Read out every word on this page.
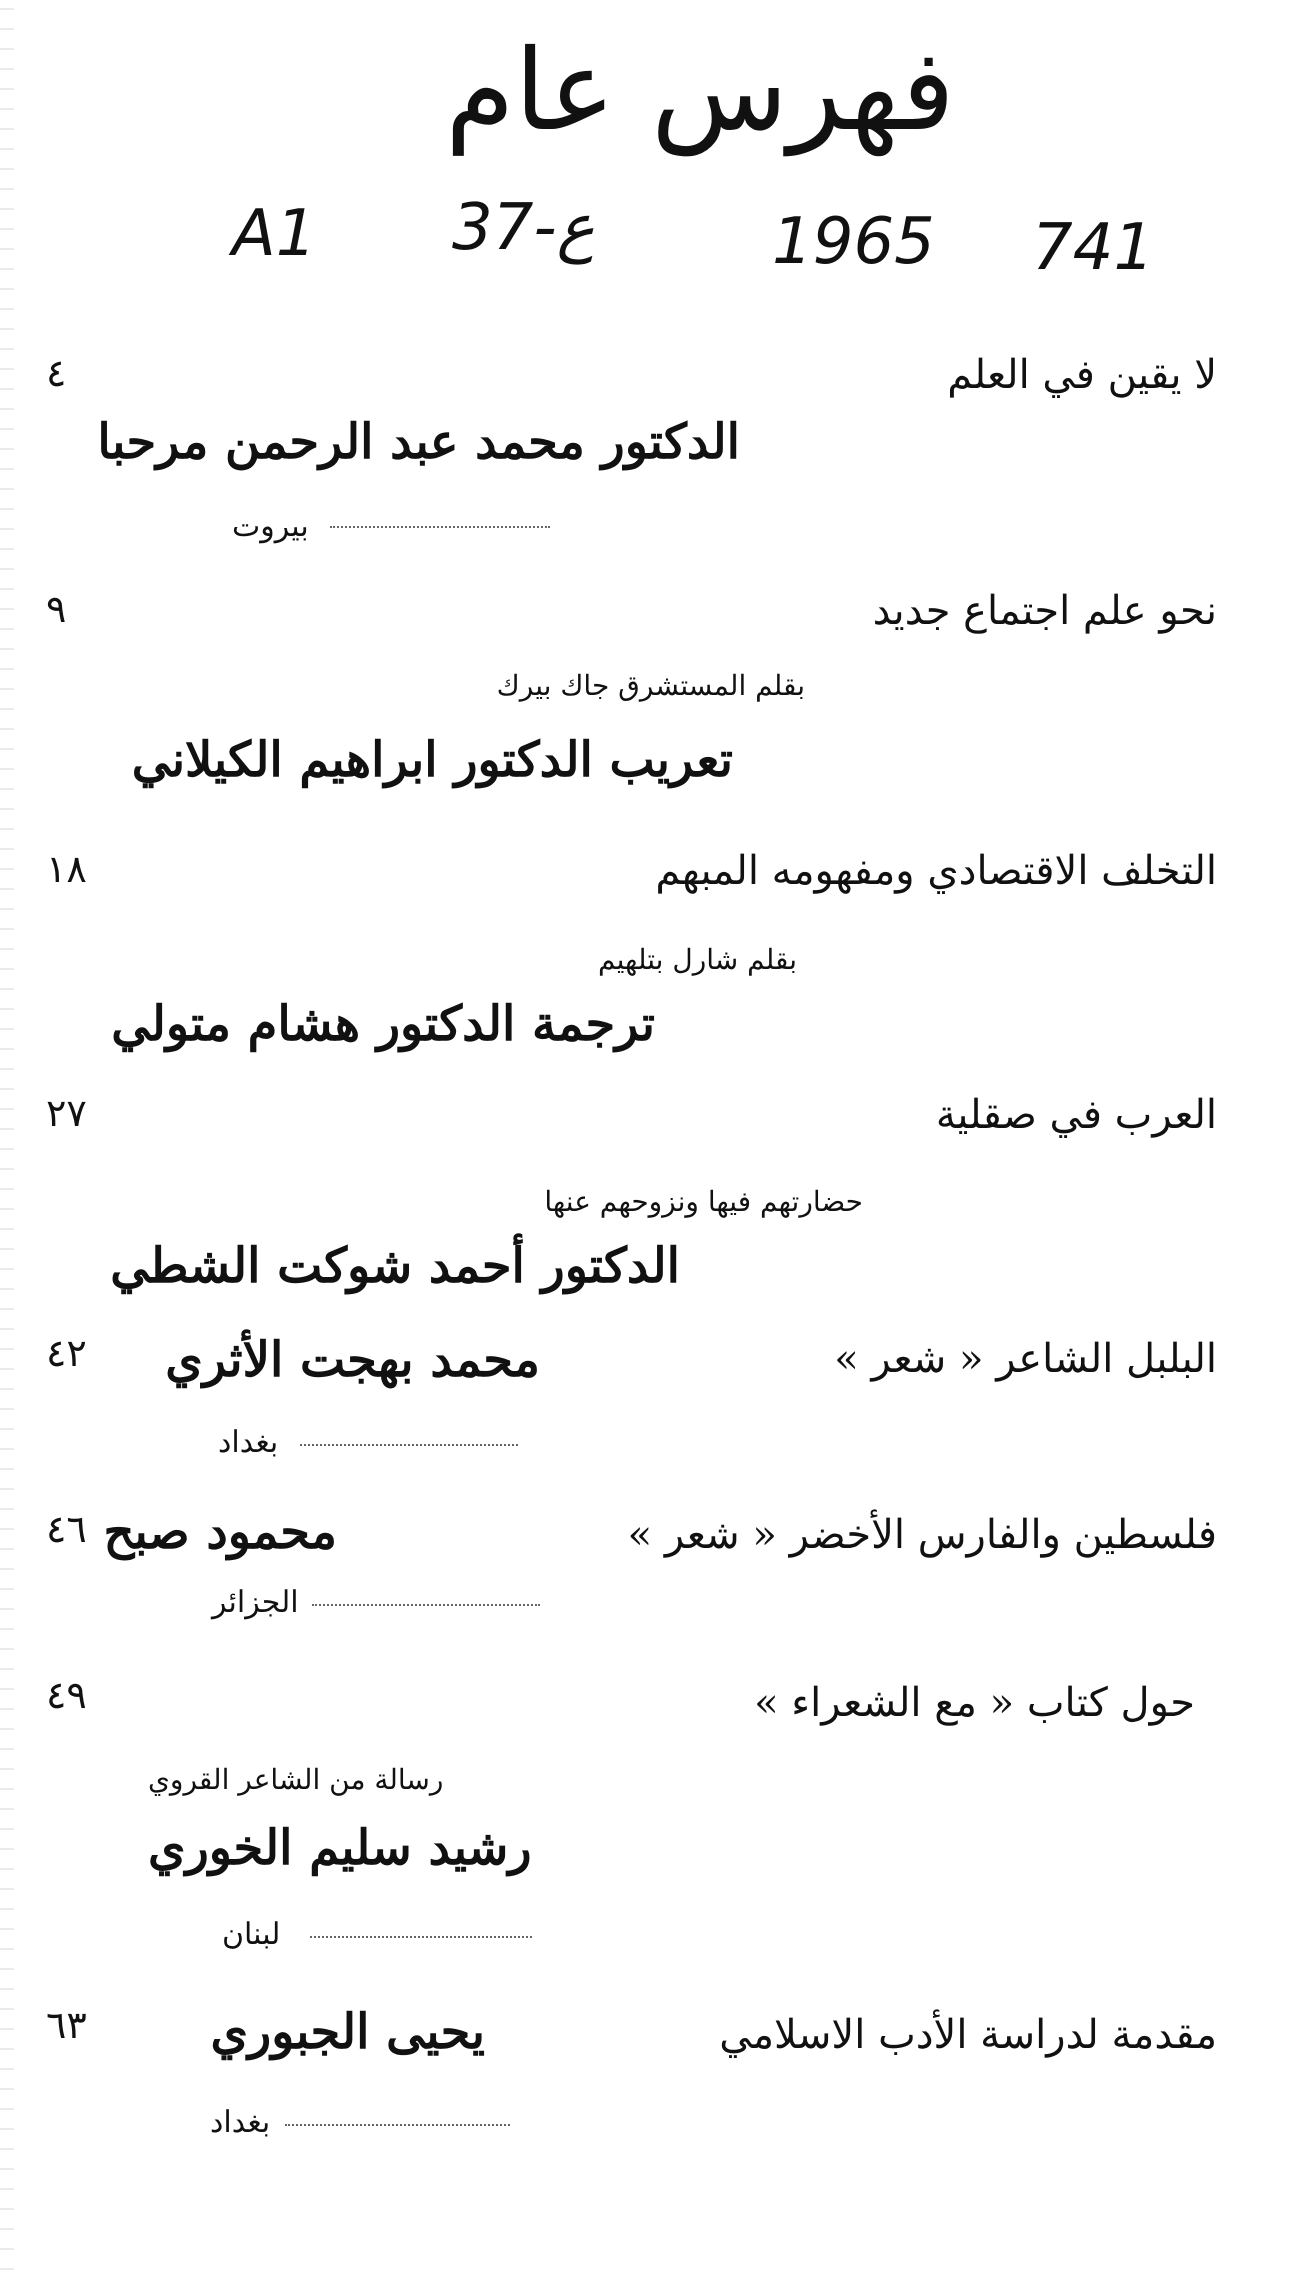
فهرس عام
A1 37-ع	1965 741
لا يقين في العلم
٤
الدكتور محمد عبد الرحمن مرحبا
بيروت
نحو علم اجتماع جديد
٩
بقلم المستشرق جاك بيرك
تعريب الدكتور ابراهيم الكيلاني
التخلف الاقتصادي ومفهومه المبهم
١٨
بقلم شارل بتلهيم
ترجمة الدكتور هشام متولي
العرب في صقلية
٢٧
حضارتهم فيها ونزوحهم عنها
الدكتور أحمد شوكت الشطي
البلبل الشاعر « شعر »
٤٢ محمد بهجت الأثري
بغداد
فلسطين والفارس الأخضر « شعر »
٤٦ محمود صبح
الجزائر
حول كتاب « مع الشعراء »
٤٩
رسالة من الشاعر القروي
رشيد سليم الخوري
لبنان
مقدمة لدراسة الأدب الاسلامي
٦٣	يحيى الجبوري
بغداد
